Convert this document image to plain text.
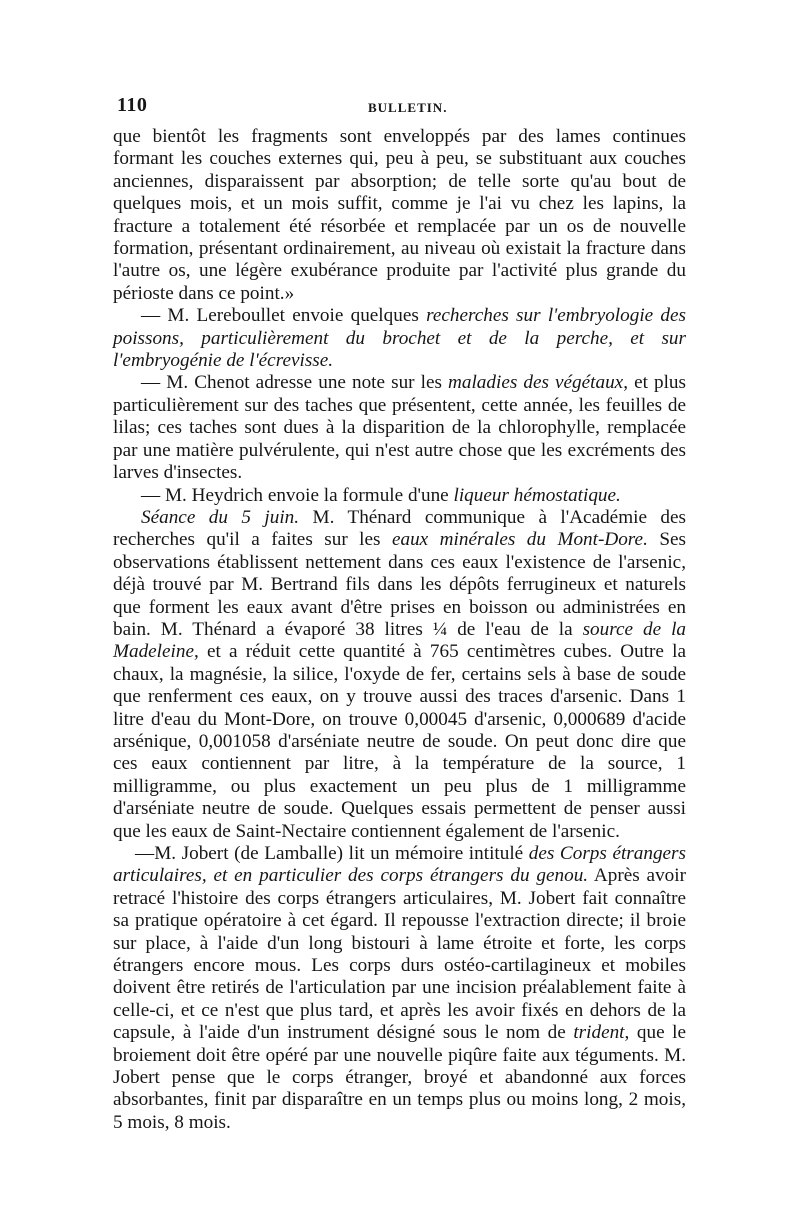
110	BULLETIN.

que bientôt les fragments sont enveloppés par des lames continues formant les couches externes qui, peu à peu, se substituant aux couches anciennes, disparaissent par absorption; de telle sorte qu'au bout de quelques mois, et un mois suffit, comme je l'ai vu chez les lapins, la fracture a totalement été résorbée et remplacée par un os de nouvelle formation, présentant ordinairement, au niveau où existait la fracture dans l'autre os, une légère exubérance produite par l'activité plus grande du périoste dans ce point.»

— M. Lereboullet envoie quelques recherches sur l'embryologie des poissons, particulièrement du brochet et de la perche, et sur l'embryogénie de l'écrevisse.

— M. Chenot adresse une note sur les maladies des végétaux, et plus particulièrement sur des taches que présentent, cette année, les feuilles de lilas; ces taches sont dues à la disparition de la chlorophylle, remplacée par une matière pulvérulente, qui n'est autre chose que les excréments des larves d'insectes.

— M. Heydrich envoie la formule d'une liqueur hémostatique.

Séance du 5 juin. M. Thénard communique à l'Académie des recherches qu'il a faites sur les eaux minérales du Mont-Dore. Ses observations établissent nettement dans ces eaux l'existence de l'arsenic, déjà trouvé par M. Bertrand fils dans les dépôts ferrugineux et naturels que forment les eaux avant d'être prises en boisson ou administrées en bain. M. Thénard a évaporé 38 litres ¼ de l'eau de la source de la Madeleine, et a réduit cette quantité à 765 centimètres cubes. Outre la chaux, la magnésie, la silice, l'oxyde de fer, certains sels à base de soude que renferment ces eaux, on y trouve aussi des traces d'arsenic. Dans 1 litre d'eau du Mont-Dore, on trouve 0,00045 d'arsenic, 0,000689 d'acide arsénique, 0,001058 d'arséniate neutre de soude. On peut donc dire que ces eaux contiennent par litre, à la température de la source, 1 milligramme, ou plus exactement un peu plus de 1 milligramme d'arséniate neutre de soude. Quelques essais permettent de penser aussi que les eaux de Saint-Nectaire contiennent également de l'arsenic.

—M. Jobert (de Lamballe) lit un mémoire intitulé des Corps étrangers articulaires, et en particulier des corps étrangers du genou. Après avoir retracé l'histoire des corps étrangers articulaires, M. Jobert fait connaître sa pratique opératoire à cet égard. Il repousse l'extraction directe; il broie sur place, à l'aide d'un long bistouri à lame étroite et forte, les corps étrangers encore mous. Les corps durs ostéo-cartilagineux et mobiles doivent être retirés de l'articulation par une incision préalablement faite à celle-ci, et ce n'est que plus tard, et après les avoir fixés en dehors de la capsule, à l'aide d'un instrument désigné sous le nom de trident, que le broiement doit être opéré par une nouvelle piqûre faite aux téguments. M. Jobert pense que le corps étranger, broyé et abandonné aux forces absorbantes, finit par disparaître en un temps plus ou moins long, 2 mois, 5 mois, 8 mois.
